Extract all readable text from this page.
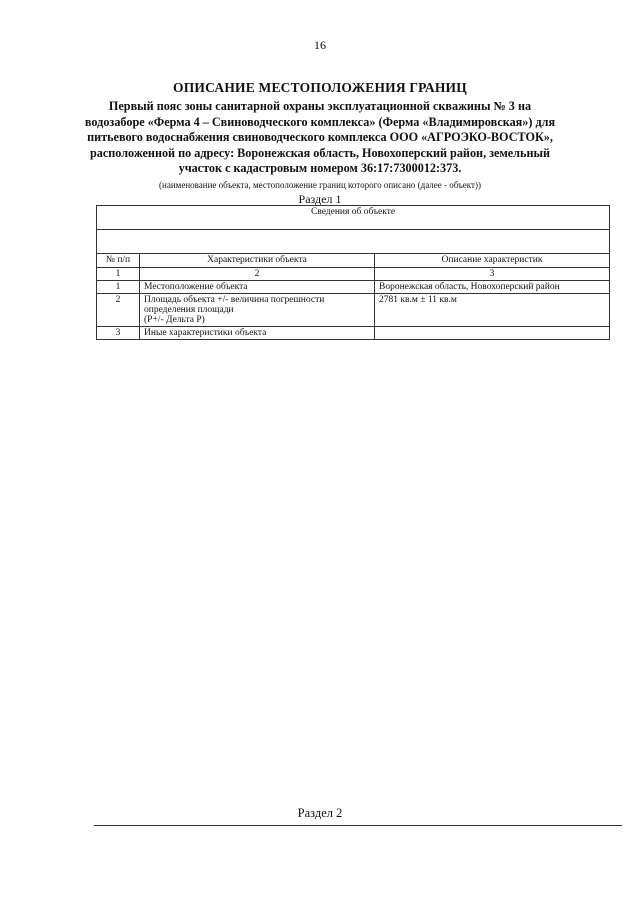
16
ОПИСАНИЕ МЕСТОПОЛОЖЕНИЯ ГРАНИЦ
Первый пояс зоны санитарной охраны эксплуатационной скважины № 3 на
водозаборе «Ферма 4 – Свиноводческого комплекса» (Ферма «Владимировская») для
питьевого водоснабжения свиноводческого комплекса ООО «АГРОЭКО-ВОСТОК»,
расположенной по адресу: Воронежская область, Новохоперский район, земельный
участок с кадастровым номером 36:17:7300012:373.
(наименование объекта, местоположение границ которого описано (далее - объект))
Раздел 1
Сведения об объекте		

№ п/п	Характеристики объекта	Описание характеристик
1	2	3
1	Местоположение объекта	Воронежская область, Новохоперский район
2	Площадь объекта +/- величина погрешности
определения площади
(P+/- Дельта P)	2781 кв.м ± 11 кв.м
3	Иные характеристики объекта	
Раздел 2
